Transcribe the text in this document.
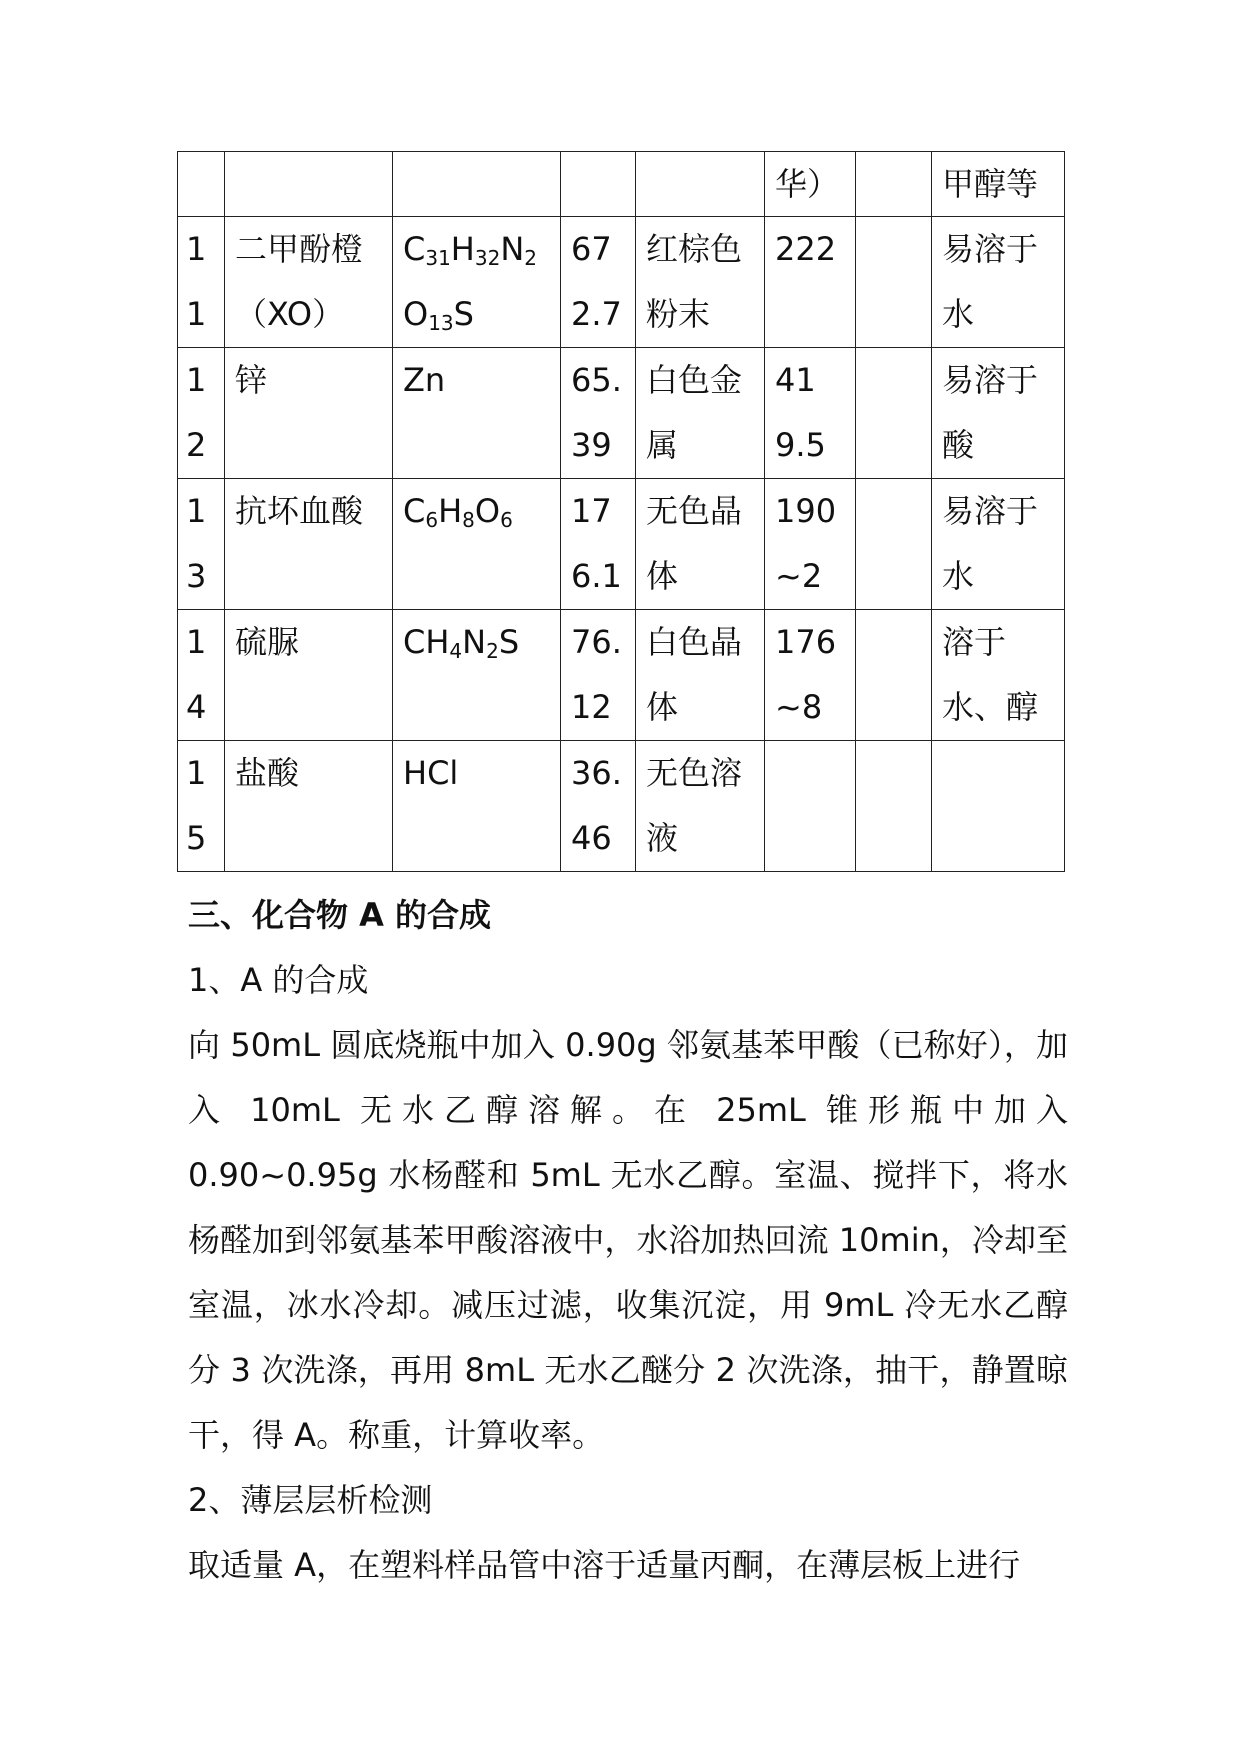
					华）		甲醇等
11	二甲酚橙（XO）	$C_{31}H_{32}N_2O_{13}S$	672.7	红棕色粉末	222		易溶于水
12	锌	Zn	65.39	白色金属	419.5		易溶于酸
13	抗坏血酸	$C_6H_8O_6$	176.1	无色晶体	190~2		易溶于水
14	硫脲	$CH_4N_2S$	76.12	白色晶体	176~8		溶于水、醇
15	盐酸	HCl	36.46	无色溶液			

三、化合物 A 的合成

1、A 的合成

向 50mL 圆底烧瓶中加入 0.90g 邻氨基苯甲酸（已称好），加入 10mL 无水乙醇溶解。在 25mL 锥形瓶中加入 0.90~0.95g 水杨醛和 5mL 无水乙醇。室温、搅拌下，将水杨醛加到邻氨基苯甲酸溶液中，水浴加热回流 10min，冷却至室温，冰水冷却。减压过滤，收集沉淀，用 9mL 冷无水乙醇分 3 次洗涤，再用 8mL 无水乙醚分 2 次洗涤，抽干，静置晾干，得 A。称重，计算收率。

2、薄层层析检测

取适量 A，在塑料样品管中溶于适量丙酮，在薄层板上进行
